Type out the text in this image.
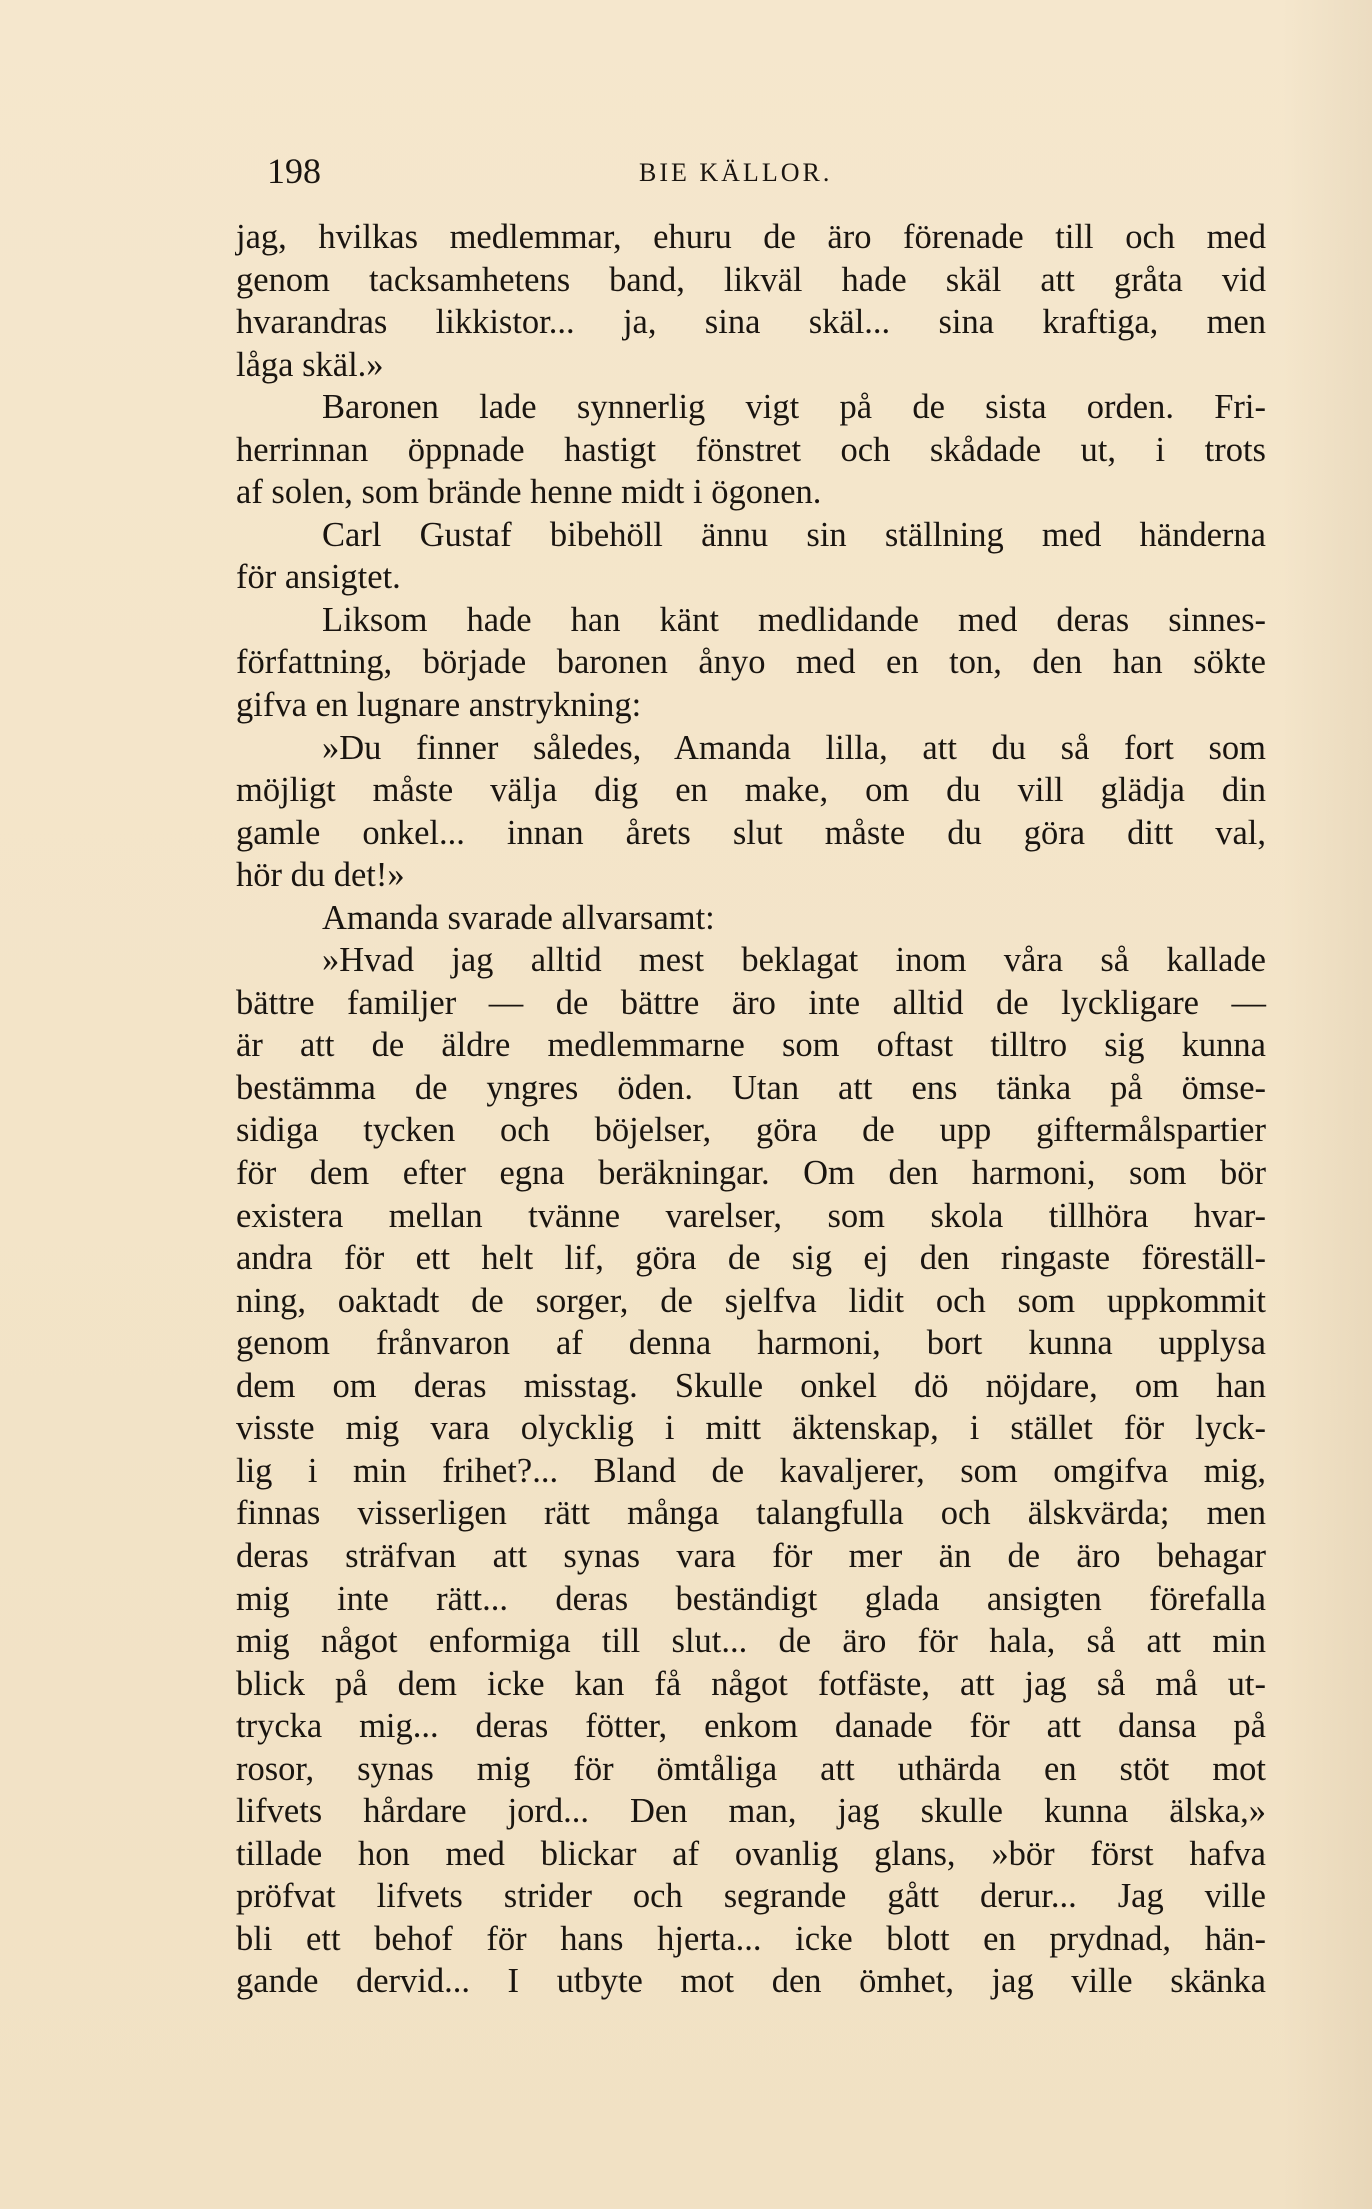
198	BIE KÄLLOR.
jag, hvilkas medlemmar, ehuru de äro förenade till och med
genom tacksamhetens band, likväl hade skäl att gråta vid
hvarandras likkistor... ja, sina skäl... sina kraftiga, men
låga skäl.»
Baronen lade synnerlig vigt på de sista orden. Fri-
herrinnan öppnade hastigt fönstret och skådade ut, i trots
af solen, som brände henne midt i ögonen.
Carl Gustaf bibehöll ännu sin ställning med händerna
för ansigtet.
Liksom hade han känt medlidande med deras sinnes-
författning, började baronen ånyo med en ton, den han sökte
gifva en lugnare anstrykning:
»Du finner således, Amanda lilla, att du så fort som
möjligt måste välja dig en make, om du vill glädja din
gamle onkel... innan årets slut måste du göra ditt val,
hör du det!»
Amanda svarade allvarsamt:
»Hvad jag alltid mest beklagat inom våra så kallade
bättre familjer — de bättre äro inte alltid de lyckligare —
är att de äldre medlemmarne som oftast tilltro sig kunna
bestämma de yngres öden. Utan att ens tänka på ömse-
sidiga tycken och böjelser, göra de upp giftermålspartier
för dem efter egna beräkningar. Om den harmoni, som bör
existera mellan tvänne varelser, som skola tillhöra hvar-
andra för ett helt lif, göra de sig ej den ringaste föreställ-
ning, oaktadt de sorger, de sjelfva lidit och som uppkommit
genom frånvaron af denna harmoni, bort kunna upplysa
dem om deras misstag. Skulle onkel dö nöjdare, om han
visste mig vara olycklig i mitt äktenskap, i stället för lyck-
lig i min frihet?... Bland de kavaljerer, som omgifva mig,
finnas visserligen rätt många talangfulla och älskvärda; men
deras sträfvan att synas vara för mer än de äro behagar
mig inte rätt... deras beständigt glada ansigten förefalla
mig något enformiga till slut... de äro för hala, så att min
blick på dem icke kan få något fotfäste, att jag så må ut-
trycka mig... deras fötter, enkom danade för att dansa på
rosor, synas mig för ömtåliga att uthärda en stöt mot
lifvets hårdare jord... Den man, jag skulle kunna älska,»
tillade hon med blickar af ovanlig glans, »bör först hafva
pröfvat lifvets strider och segrande gått derur... Jag ville
bli ett behof för hans hjerta... icke blott en prydnad, hän-
gande dervid... I utbyte mot den ömhet, jag ville skänka
